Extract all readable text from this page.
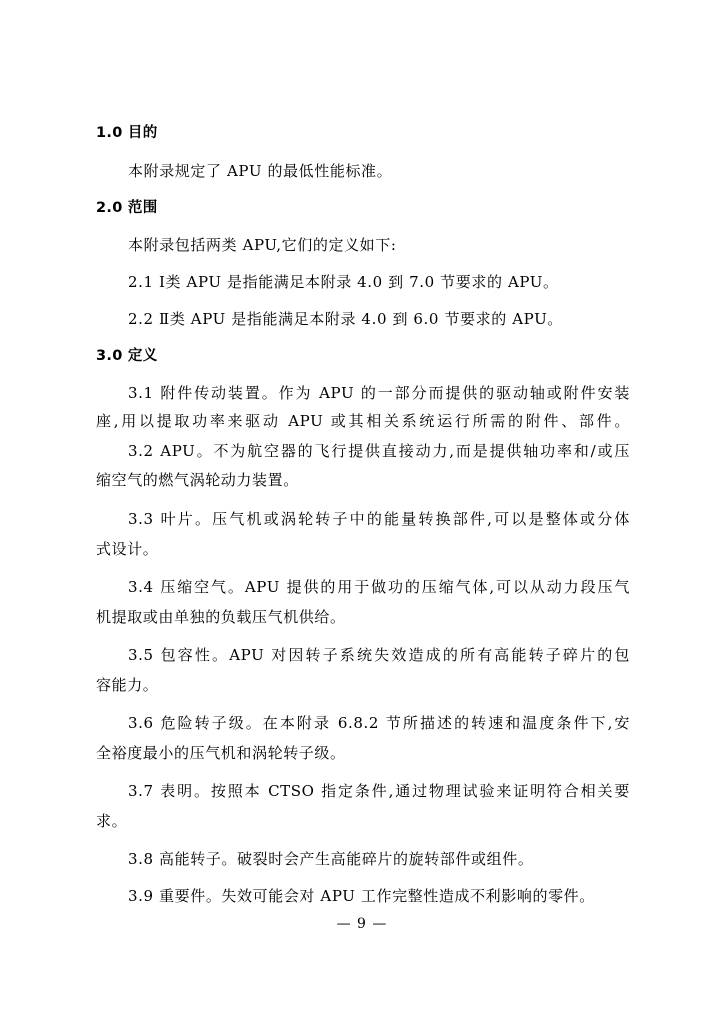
1.0 目的
本附录规定了 APU 的最低性能标准。
2.0 范围
本附录包括两类 APU,它们的定义如下:
2.1 Ⅰ类 APU 是指能满足本附录 4.0 到 7.0 节要求的 APU。
2.2 Ⅱ类 APU 是指能满足本附录 4.0 到 6.0 节要求的 APU。
3.0 定义
3.1 附件传动装置。作为 APU 的一部分而提供的驱动轴或附件安装
座,用以提取功率来驱动 APU 或其相关系统运行所需的附件、部件。
3.2 APU。不为航空器的飞行提供直接动力,而是提供轴功率和/或压
缩空气的燃气涡轮动力装置。
3.3 叶片。压气机或涡轮转子中的能量转换部件,可以是整体或分体
式设计。
3.4 压缩空气。APU 提供的用于做功的压缩气体,可以从动力段压气
机提取或由单独的负载压气机供给。
3.5 包容性。APU 对因转子系统失效造成的所有高能转子碎片的包
容能力。
3.6 危险转子级。在本附录 6.8.2 节所描述的转速和温度条件下,安
全裕度最小的压气机和涡轮转子级。
3.7 表明。按照本 CTSO 指定条件,通过物理试验来证明符合相关要
求。
3.8 高能转子。破裂时会产生高能碎片的旋转部件或组件。
3.9 重要件。失效可能会对 APU 工作完整性造成不利影响的零件。
— 9 —
